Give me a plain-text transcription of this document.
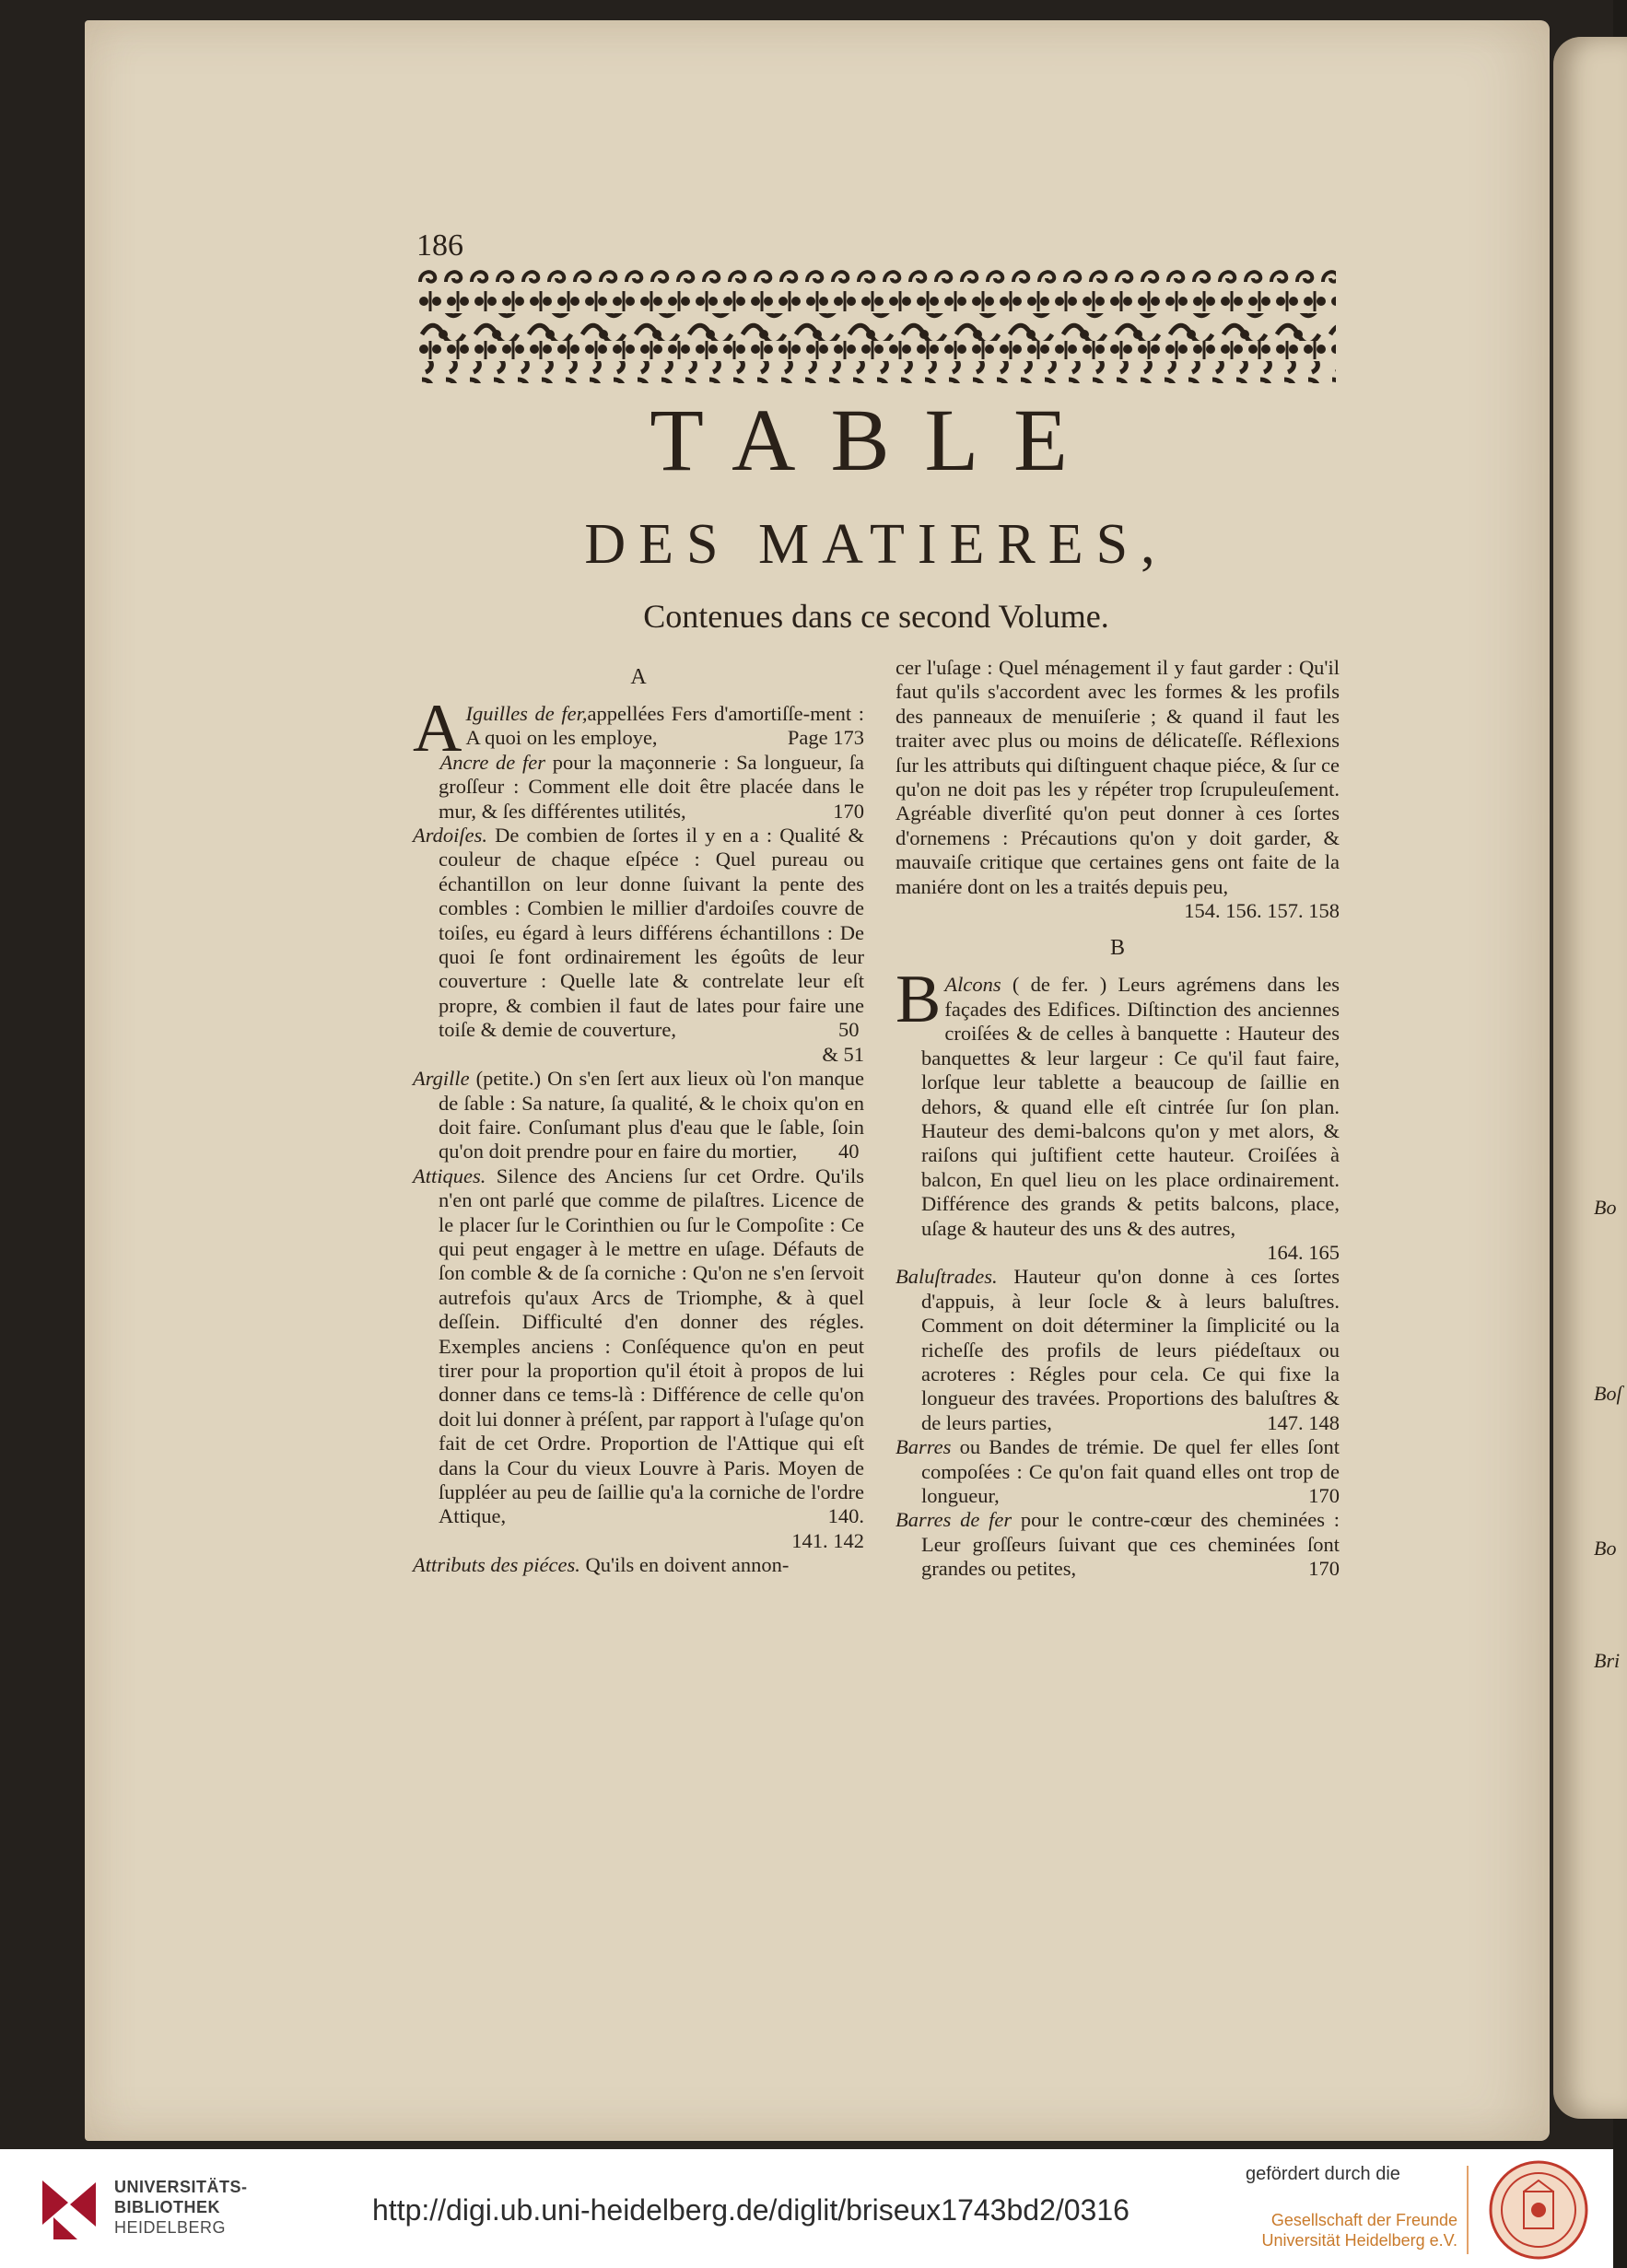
Bo
Boſ
Bo
Bri
186
TABLE
DES MATIERES,
Contenues dans ce second Volume.
A
A Iguilles de fer,appellées Fers d'amortiſſe-ment : A quoi on les employe,	Page 173
Ancre de fer pour la maçonnerie : Sa longueur, ſa groſſeur : Comment elle doit être placée dans le mur, & ſes différentes utilités,	170
Ardoiſes. De combien de ſortes il y en a : Qualité & couleur de chaque eſpéce : Quel pureau ou échantillon on leur donne ſuivant la pente des combles : Combien le millier d'ardoiſes couvre de toiſes, eu égard à leurs différens échantillons : De quoi ſe font ordinairement les égoûts de leur couverture : Quelle late & contrelate leur eſt propre, & combien il faut de lates pour faire une toiſe & demie de couverture,	50
& 51
Argille (petite.) On s'en ſert aux lieux où l'on manque de ſable : Sa nature, ſa qualité, & le choix qu'on en doit faire. Conſumant plus d'eau que le ſable, ſoin qu'on doit prendre pour en faire du mortier, 40
Attiques. Silence des Anciens ſur cet Ordre. Qu'ils n'en ont parlé que comme de pilaſtres. Licence de le placer ſur le Corinthien ou ſur le Compoſite : Ce qui peut engager à le mettre en uſage. Défauts de ſon comble & de ſa corniche : Qu'on ne s'en ſervoit autrefois qu'aux Arcs de Triomphe, & à quel deſſein. Difficulté d'en donner des régles. Exemples anciens : Conſéquence qu'on en peut tirer pour la proportion qu'il étoit à propos de lui donner dans ce tems-là : Différence de celle qu'on doit lui donner à préſent, par rapport à l'uſage qu'on fait de cet Ordre. Proportion de l'Attique qui eſt dans la Cour du vieux Louvre à Paris. Moyen de ſuppléer au peu de ſaillie qu'a la corniche de l'ordre Attique,	140.
141. 142
Attributs des piéces. Qu'ils en doivent annon-
cer l'uſage : Quel ménagement il y faut garder : Qu'il faut qu'ils s'accordent avec les formes & les profils des panneaux de menuiſerie ; & quand il faut les traiter avec plus ou moins de délicateſſe. Réflexions ſur les attributs qui diſtinguent chaque piéce, & ſur ce qu'on ne doit pas les y répéter trop ſcrupuleuſement. Agréable diverſité qu'on peut donner à ces ſortes d'ornemens : Précautions qu'on y doit garder, & mauvaiſe critique que certaines gens ont faite de la maniére dont on les a traités depuis peu,
154. 156. 157. 158
B
B Alcons ( de fer. ) Leurs agrémens dans les façades des Edifices. Diſtinction des anciennes croiſées & de celles à banquette : Hauteur des banquettes & leur largeur : Ce qu'il faut faire, lorſque leur tablette a beaucoup de ſaillie en dehors, & quand elle eſt cintrée ſur ſon plan. Hauteur des demi-balcons qu'on y met alors, & raiſons qui juſtifient cette hauteur. Croiſées à balcon, En quel lieu on les place ordinairement. Différence des grands & petits balcons, place, uſage & hauteur des uns & des autres,
164. 165
Baluſtrades. Hauteur qu'on donne à ces ſortes d'appuis, à leur ſocle & à leurs baluſtres. Comment on doit déterminer la ſimplicité ou la richeſſe des profils de leurs piédeſtaux ou acroteres : Régles pour cela. Ce qui fixe la longueur des travées. Proportions des baluſtres & de leurs parties,	147. 148
Barres ou Bandes de trémie. De quel fer elles ſont compoſées : Ce qu'on fait quand elles ont trop de longueur,	170
Barres de fer pour le contre-cœur des cheminées : Leur groſſeurs ſuivant que ces cheminées ſont grandes ou petites,	170
UNIVERSITÄTS-
BIBLIOTHEK
HEIDELBERG
http://digi.ub.uni-heidelberg.de/diglit/briseux1743bd2/0316
gefördert durch die
Gesellschaft der Freunde
Universität Heidelberg e.V.
